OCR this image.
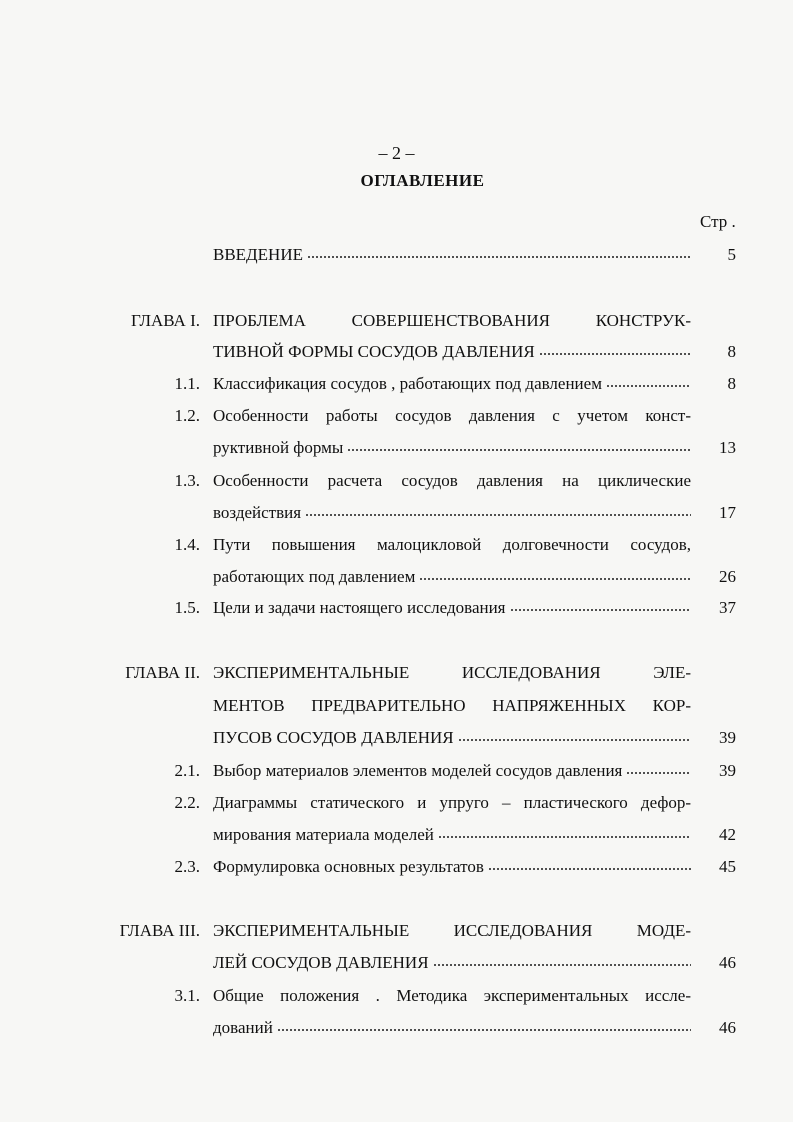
– 2 –
ОГЛАВЛЕНИЕ
Стр .
ВВЕДЕНИЕ	5
ГЛАВА I. ПРОБЛЕМА СОВЕРШЕНСТВОВАНИЯ КОНСТРУК-
ТИВНОЙ ФОРМЫ СОСУДОВ ДАВЛЕНИЯ	8
1.1. Классификация сосудов , работающих под давлением	8
1.2. Особенности работы сосудов давления с учетом конст-
руктивной формы	13
1.3. Особенности расчета сосудов давления на циклические
воздействия	17
1.4. Пути повышения малоцикловой долговечности сосудов,
работающих под давлением	26
1.5. Цели и задачи настоящего исследования	37
ГЛАВА II. ЭКСПЕРИМЕНТАЛЬНЫЕ ИССЛЕДОВАНИЯ ЭЛЕ-
МЕНТОВ ПРЕДВАРИТЕЛЬНО НАПРЯЖЕННЫХ КОР-
ПУСОВ СОСУДОВ ДАВЛЕНИЯ	39
2.1. Выбор материалов элементов моделей сосудов давления	39
2.2. Диаграммы статического и упруго – пластического дефор-
мирования материала моделей	42
2.3. Формулировка основных результатов	45
ГЛАВА III. ЭКСПЕРИМЕНТАЛЬНЫЕ ИССЛЕДОВАНИЯ МОДЕ-
ЛЕЙ СОСУДОВ ДАВЛЕНИЯ	46
3.1. Общие положения . Методика экспериментальных иссле-
дований	46
